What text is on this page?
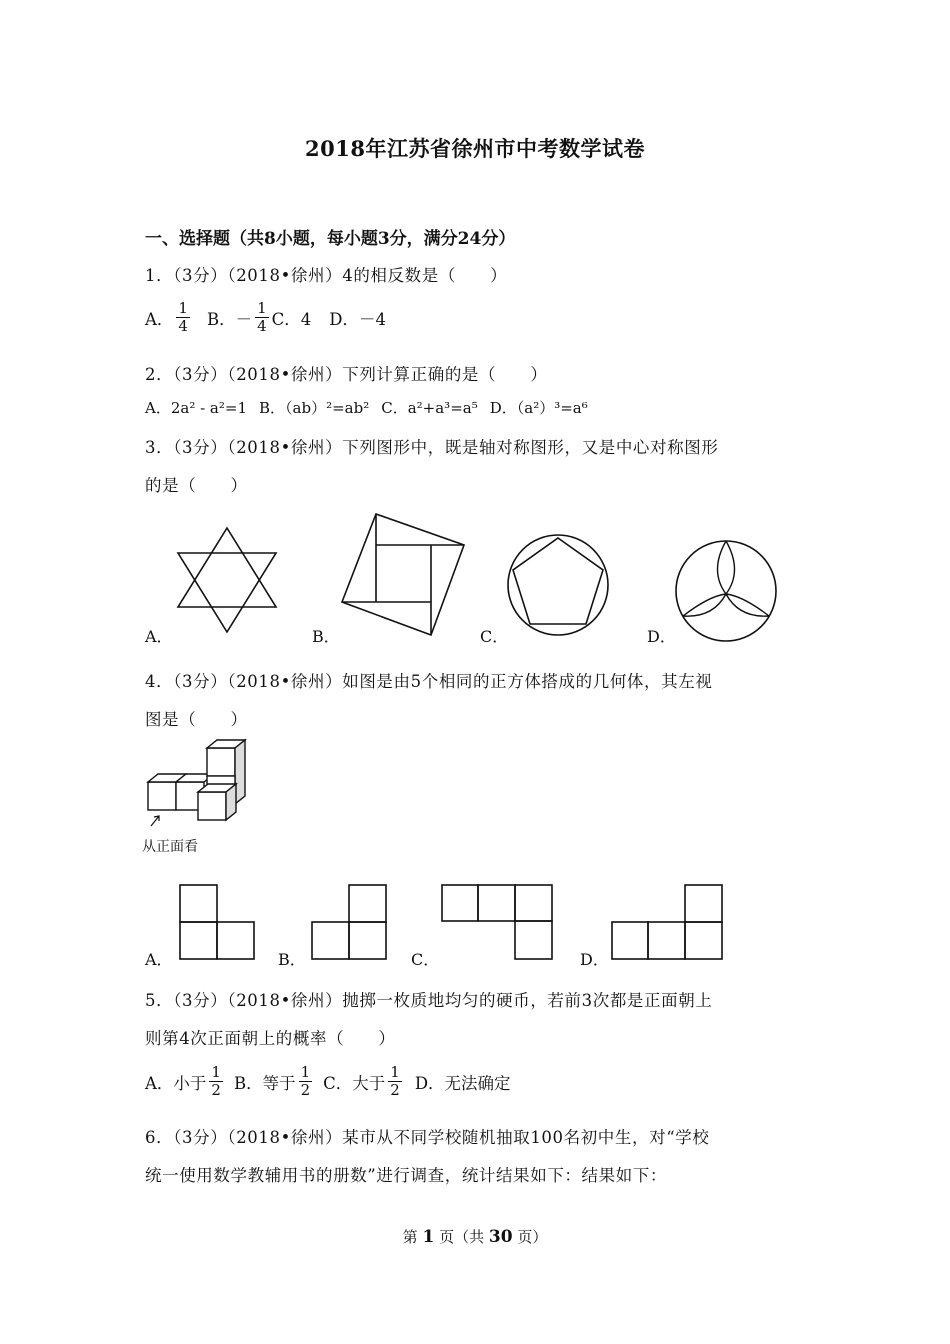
2018年江苏省徐州市中考数学试卷
一、选择题（共8小题，每小题3分，满分24分）
1．（3分）（2018•徐州）4的相反数是（　　）
A． $\frac{1}{4}$ B．－ $\frac{1}{4}$ C．4 D．－4
2．（3分）（2018•徐州）下列计算正确的是（　　）
A．2a² - a²=1 B．（ab）²=ab² C．a²+a³=a⁵ D．（a²）³=a⁶
3．（3分）（2018•徐州）下列图形中，既是轴对称图形，又是中心对称图形
的是（　　）
A．	B．	C．	D．
4．（3分）（2018•徐州）如图是由5个相同的正方体搭成的几何体，其左视
图是（　　）
从正面看
A．	B．	C．	D．
5．（3分）（2018•徐州）抛掷一枚质地均匀的硬币，若前3次都是正面朝上
则第4次正面朝上的概率（　　）
A．小于 $\frac{1}{2}$ B．等于 $\frac{1}{2}$ C．大于 $\frac{1}{2}$ D．无法确定
6．（3分）（2018•徐州）某市从不同学校随机抽取100名初中生，对“学校
统一使用数学教辅用书的册数”进行调查，统计结果如下：结果如下：
第 1 页（共 30 页）
